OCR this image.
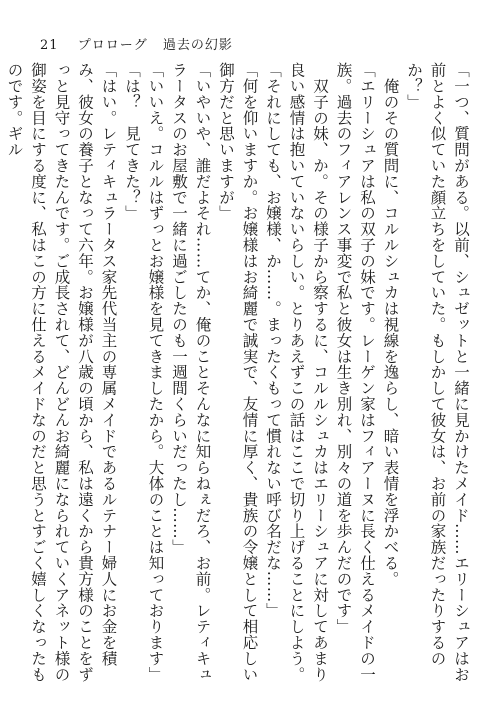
21 プロローグ 過去の幻影

「一つ、質問がある。以前、シュゼットと一緒に見かけたメイド……エリーシュアはお前とよく似ていた顔立ちをしていた。もしかして彼女は、お前の家族だったりするのか？」

　俺のその質問に、コルルシュカは視線を逸らし、暗い表情を浮かべる。

「エリーシュアは私の双子の妹です。レーゲン家はフィアーヌに長く仕えるメイドの一族。過去のフィアレンス事変で私と彼女は生き別れ、別々の道を歩んだのです」

　双子の妹、か。その様子から察するに、コルルシュカはエリーシュアに対してあまり良い感情は抱いていないらしい。とりあえずこの話はここで切り上げることにしよう。

「それにしても、お嬢様、か……。まったくもって慣れない呼び名だな……」

「何を仰いますか。お嬢様はお綺麗で誠実で、友情に厚く、貴族の令嬢として相応しい御方だと思いますが」

「いやいや、誰だよそれ……てか、俺のことそんなに知らねぇだろ、お前。レティキュラータスのお屋敷で一緒に過ごしたのも一週間くらいだったし……」

「いいえ。コルルはずっとお嬢様を見てきましたから。大体のことは知っております」

「は？　見てきた？」

「はい。レティキュラータス家先代当主の専属メイドであるルテナー婦人にお金を積み、彼女の養子となって六年。お嬢様が八歳の頃から、私は遠くから貴方様のことをずっと見守ってきたんです。ご成長されて、どんどんお綺麗になられていくアネット様の御姿を目にする度に、私はこの方に仕えるメイドなのだと思うとすごく嬉しくなったものです。ギル
